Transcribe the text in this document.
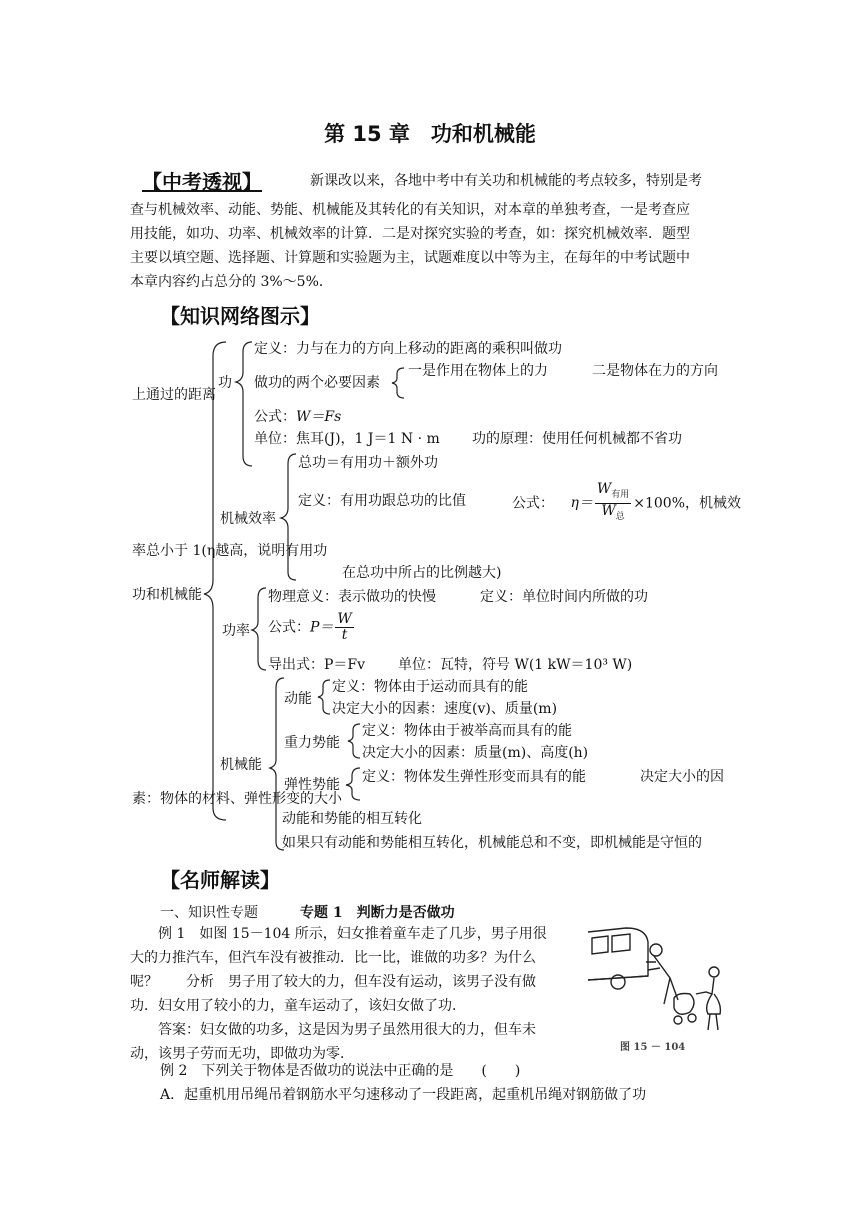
第 15 章　功和机械能
【中考透视】	新课改以来，各地中考中有关功和机械能的考点较多，特别是考

查与机械效率、动能、势能、机械能及其转化的有关知识，对本章的单独考查，一是考查应

用技能，如功、功率、机械效率的计算．二是对探究实验的考查，如：探究机械效率．题型

主要以填空题、选择题、计算题和实验题为主，试题难度以中等为主，在每年的中考试题中

本章内容约占总分的 3%～5%．

【知识网络图示】
上通过的距离
功
定义：力与在力的方向上移动的距离的乘积叫做功
做功的两个必要因素
一是作用在物体上的力	二是物体在力的方向
公式：W＝Fs
单位：焦耳(J)，1 J＝1 N · m 功的原理：使用任何机械都不省功
总功＝有用功＋额外功
机械效率
定义：有用功跟总功的比值	公式： $\eta= \frac{W_{有用}}{W_总} \times 100\%$，机械效
率总小于 1(η越高，说明有用功
在总功中所占的比例越大)
功和机械能	物理意义：表示做功的快慢	定义：单位时间内所做的功
功率 公式：$P= \frac{W}{t}$
导出式：P＝Fv 单位：瓦特，符号 W(1 kW＝10³ W)
动能
定义：物体由于运动而具有的能
决定大小的因素：速度(v)、质量(m)
重力势能
定义：物体由于被举高而具有的能
决定大小的因素：质量(m)、高度(h)
机械能
弹性势能 定义：物体发生弹性形变而具有的能	决定大小的因
素：物体的材料、弹性形变的大小
动能和势能的相互转化
如果只有动能和势能相互转化，机械能总和不变，即机械能是守恒的
【名师解读】
一、知识性专题	专题 1　判断力是否做功

例 1　如图 15－104 所示，妇女推着童车走了几步，男子用很

大的力推汽车，但汽车没有被推动．比一比，谁做的功多？为什么

呢？　　分析　男子用了较大的力，但车没有运动，该男子没有做

功．妇女用了较小的力，童车运动了，该妇女做了功．

答案：妇女做的功多，这是因为男子虽然用很大的力，但车未

动，该男子劳而无功，即做功为零．	图 15 － 104
例 2　下列关于物体是否做功的说法中正确的是　　(　　)
A．起重机用吊绳吊着钢筋水平匀速移动了一段距离，起重机吊绳对钢筋做了功
